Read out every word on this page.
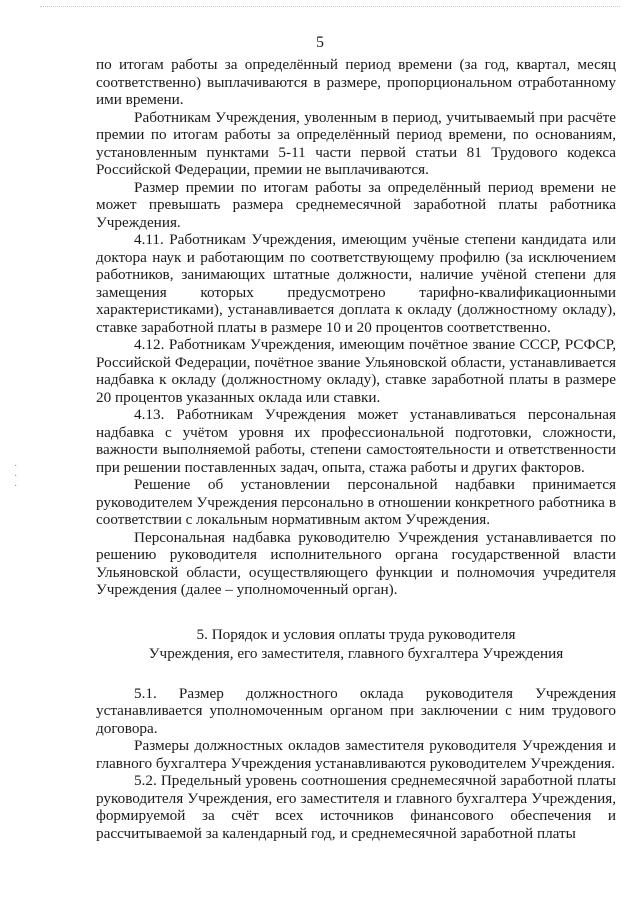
·
·
·
5

по итогам работы за определённый период времени (за год, квартал, месяц соответственно) выплачиваются в размере, пропорциональном отработанному ими времени.

Работникам Учреждения, уволенным в период, учитываемый при расчёте премии по итогам работы за определённый период времени, по основаниям, установленным пунктами 5-11 части первой статьи 81 Трудового кодекса Российской Федерации, премии не выплачиваются.

Размер премии по итогам работы за определённый период времени не может превышать размера среднемесячной заработной платы работника Учреждения.

4.11. Работникам Учреждения, имеющим учёные степени кандидата или доктора наук и работающим по соответствующему профилю (за исключением работников, занимающих штатные должности, наличие учёной степени для замещения которых предусмотрено тарифно-квалификационными характеристиками), устанавливается доплата к окладу (должностному окладу), ставке заработной платы в размере 10 и 20 процентов соответственно.

4.12. Работникам Учреждения, имеющим почётное звание СССР, РСФСР, Российской Федерации, почётное звание Ульяновской области, устанавливается надбавка к окладу (должностному окладу), ставке заработной платы в размере 20 процентов указанных оклада или ставки.

4.13. Работникам Учреждения может устанавливаться персональная надбавка с учётом уровня их профессиональной подготовки, сложности, важности выполняемой работы, степени самостоятельности и ответственности при решении поставленных задач, опыта, стажа работы и других факторов.

Решение об установлении персональной надбавки принимается руководителем Учреждения персонально в отношении конкретного работника в соответствии с локальным нормативным актом Учреждения.

Персональная надбавка руководителю Учреждения устанавливается по решению руководителя исполнительного органа государственной власти Ульяновской области, осуществляющего функции и полномочия учредителя Учреждения (далее – уполномоченный орган).

5. Порядок и условия оплаты труда руководителя
Учреждения, его заместителя, главного бухгалтера Учреждения

5.1. Размер должностного оклада руководителя Учреждения устанавливается уполномоченным органом при заключении с ним трудового договора.

Размеры должностных окладов заместителя руководителя Учреждения и главного бухгалтера Учреждения устанавливаются руководителем Учреждения.

5.2. Предельный уровень соотношения среднемесячной заработной платы руководителя Учреждения, его заместителя и главного бухгалтера Учреждения, формируемой за счёт всех источников финансового обеспечения и рассчитываемой за календарный год, и среднемесячной заработной платы
